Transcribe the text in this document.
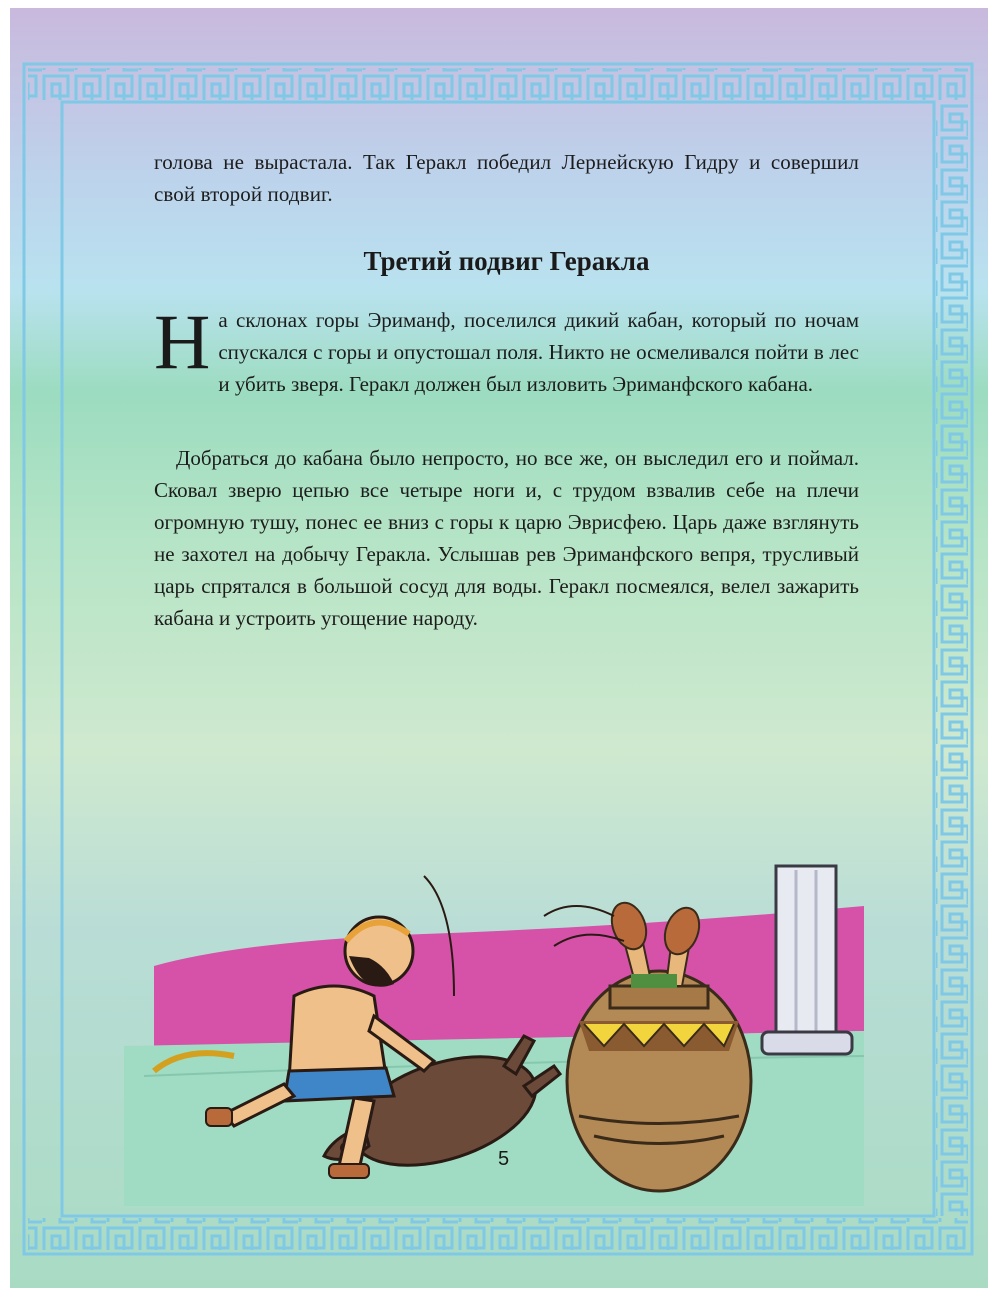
голова не вырастала. Так Геракл победил Лернейскую Гидру и совершил свой второй подвиг.

Третий подвиг Геракла
Н а склонах горы Эриманф, поселился дикий кабан, который по ночам спускался с горы и опустошал поля. Никто не осмеливался пойти в лес и убить зверя. Геракл должен был изловить Эриманфского кабана.
Добраться до кабана было непросто, но все же, он выследил его и поймал. Сковал зверю цепью все четыре ноги и, с трудом взвалив себе на плечи огромную тушу, понес ее вниз с горы к царю Эврисфею. Царь даже взглянуть не захотел на добычу Геракла. Услышав рев Эриманфского вепря, трусливый царь спрятался в большой сосуд для воды. Геракл посмеялся, велел зажарить кабана и устроить угощение народу.
5
